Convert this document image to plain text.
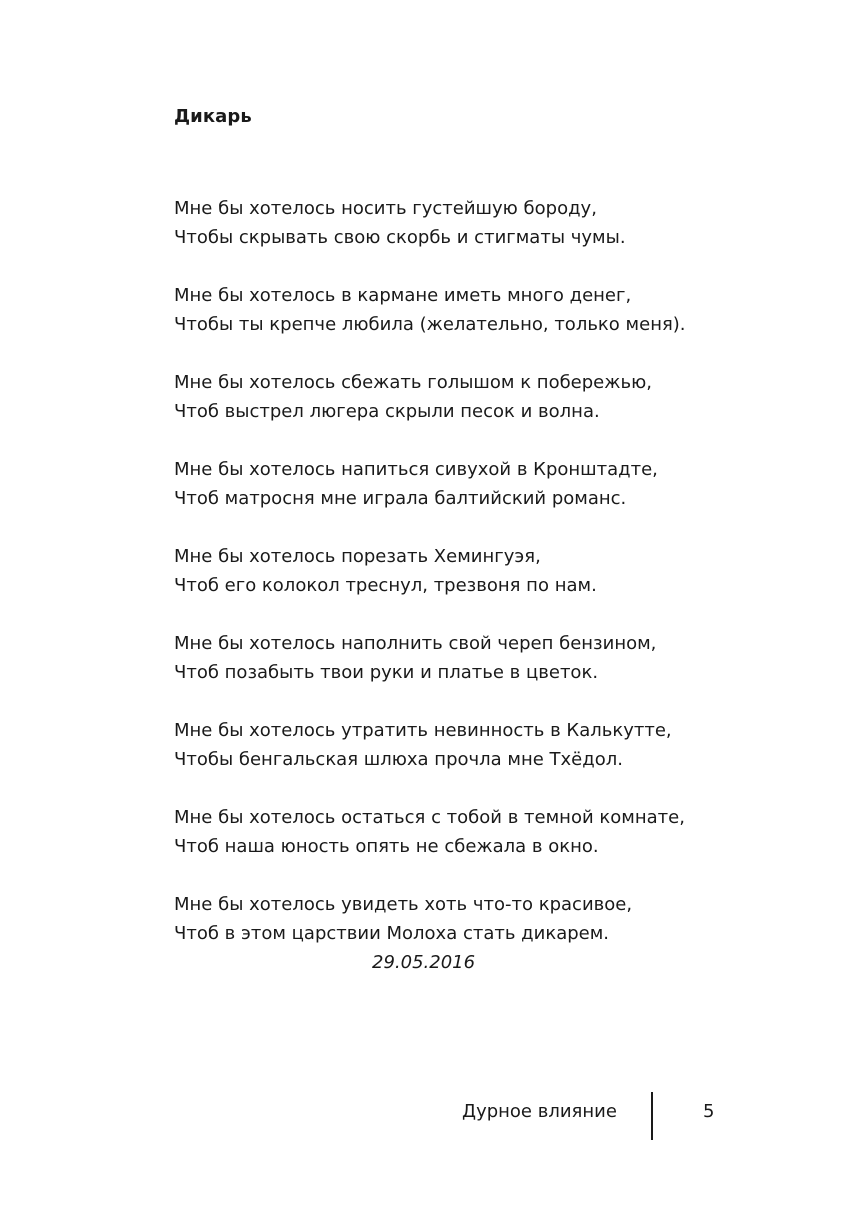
Дикарь
Мне бы хотелось носить густейшую бороду,
Чтобы скрывать свою скорбь и стигматы чумы.
Мне бы хотелось в кармане иметь много денег,
Чтобы ты крепче любила (желательно, только меня).
Мне бы хотелось сбежать голышом к побережью,
Чтоб выстрел люгера скрыли песок и волна.
Мне бы хотелось напиться сивухой в Кронштадте,
Чтоб матросня мне играла балтийский романс.
Мне бы хотелось порезать Хемингуэя,
Чтоб его колокол треснул, трезвоня по нам.
Мне бы хотелось наполнить свой череп бензином,
Чтоб позабыть твои руки и платье в цветок.
Мне бы хотелось утратить невинность в Калькутте,
Чтобы бенгальская шлюха прочла мне Тхёдол.
Мне бы хотелось остаться с тобой в темной комнате,
Чтоб наша юность опять не сбежала в окно.
Мне бы хотелось увидеть хоть что-то красивое,
Чтоб в этом царствии Молоха стать дикарем.
29.05.2016
Дурное влияние	5
